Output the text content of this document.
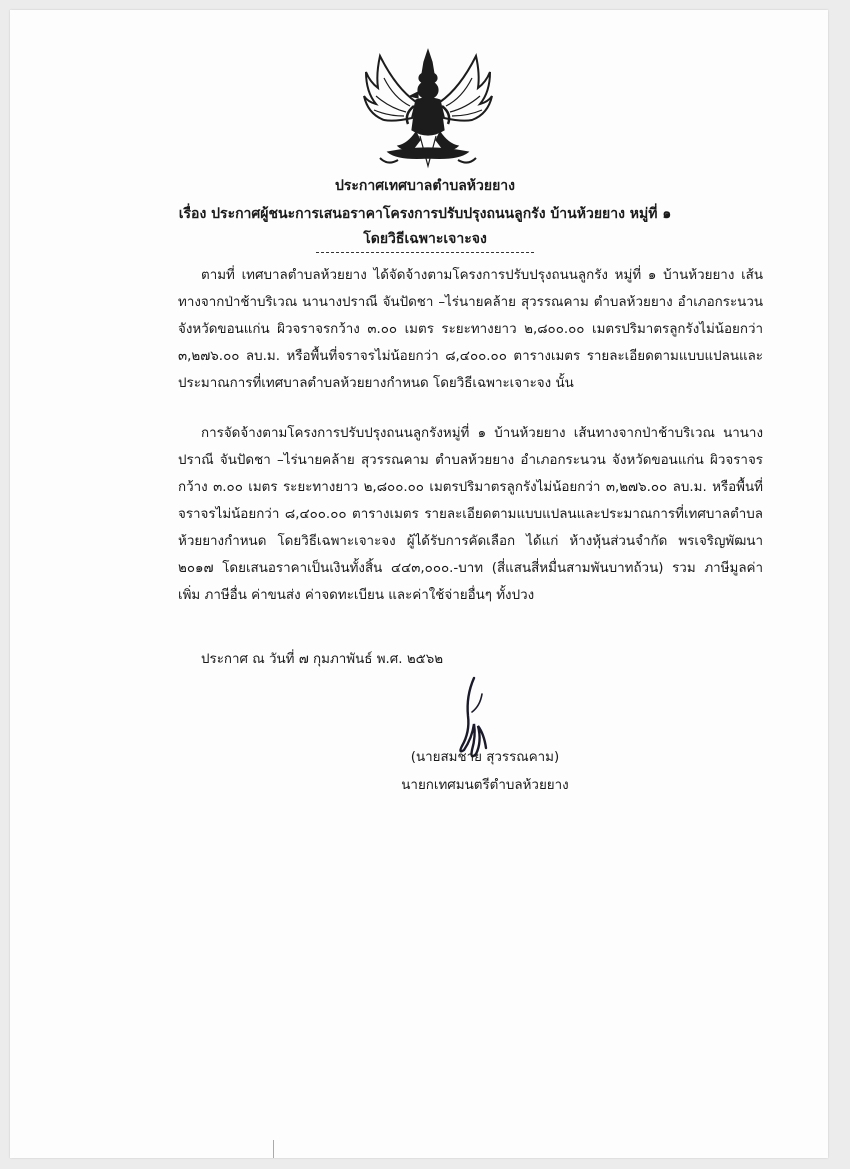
ประกาศเทศบาลตำบลห้วยยาง
เรื่อง ประกาศผู้ชนะการเสนอราคาโครงการปรับปรุงถนนลูกรัง บ้านห้วยยาง หมู่ที่ ๑
โดยวิธีเฉพาะเจาะจง

ตามที่ เทศบาลตำบลห้วยยาง ได้จัดจ้างตามโครงการปรับปรุงถนนลูกรัง หมู่ที่ ๑ บ้านห้วยยาง เส้นทางจากป่าช้าบริเวณ นานางปราณี จันปัดชา –ไร่นายคล้าย สุวรรณคาม ตำบลห้วยยาง อำเภอกระนวน จังหวัดขอนแก่น ผิวจราจรกว้าง ๓.๐๐ เมตร ระยะทางยาว ๒,๘๐๐.๐๐ เมตรปริมาตรลูกรังไม่น้อยกว่า ๓,๒๗๖.๐๐ ลบ.ม. หรือพื้นที่จราจรไม่น้อยกว่า ๘,๔๐๐.๐๐ ตารางเมตร รายละเอียดตามแบบแปลนและประมาณการที่เทศบาลตำบลห้วยยางกำหนด โดยวิธีเฉพาะเจาะจง นั้น

การจัดจ้างตามโครงการปรับปรุงถนนลูกรังหมู่ที่ ๑ บ้านห้วยยาง เส้นทางจากป่าช้าบริเวณ นานางปราณี จันปัดชา –ไร่นายคล้าย สุวรรณคาม ตำบลห้วยยาง อำเภอกระนวน จังหวัดขอนแก่น ผิวจราจรกว้าง ๓.๐๐ เมตร ระยะทางยาว ๒,๘๐๐.๐๐ เมตรปริมาตรลูกรังไม่น้อยกว่า ๓,๒๗๖.๐๐ ลบ.ม. หรือพื้นที่จราจรไม่น้อยกว่า ๘,๔๐๐.๐๐ ตารางเมตร รายละเอียดตามแบบแปลนและประมาณการที่เทศบาลตำบลห้วยยางกำหนด โดยวิธีเฉพาะเจาะจง ผู้ได้รับการคัดเลือก ได้แก่ ห้างหุ้นส่วนจำกัด พรเจริญพัฒนา ๒๐๑๗ โดยเสนอราคาเป็นเงินทั้งสิ้น ๔๔๓,๐๐๐.-บาท (สี่แสนสี่หมื่นสามพันบาทถ้วน) รวม ภาษีมูลค่าเพิ่ม ภาษีอื่น ค่าขนส่ง ค่าจดทะเบียน และค่าใช้จ่ายอื่นๆ ทั้งปวง

ประกาศ ณ วันที่ ๗ กุมภาพันธ์ พ.ศ. ๒๕๖๒
(นายสมชาย สุวรรณคาม)
นายกเทศมนตรีตำบลห้วยยาง
